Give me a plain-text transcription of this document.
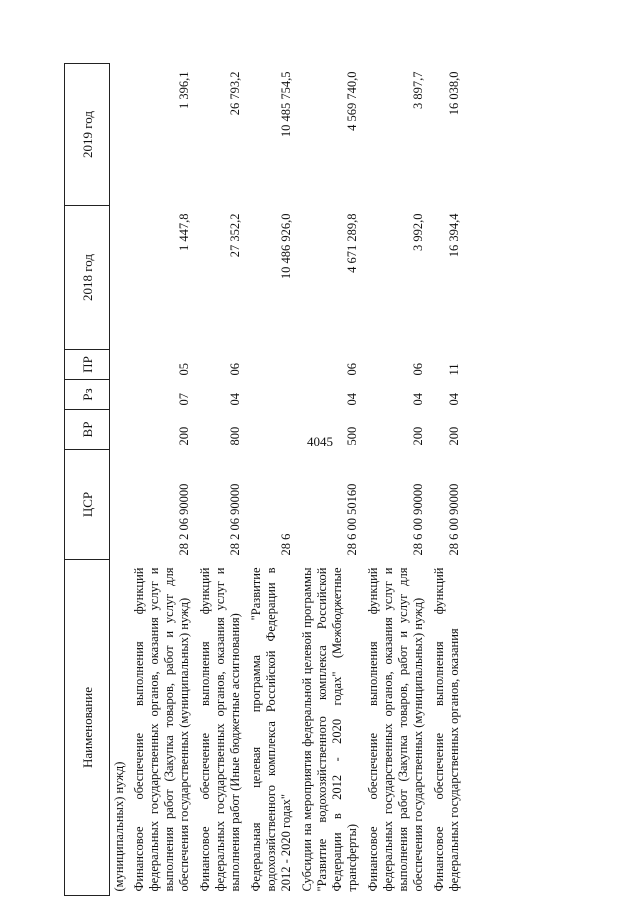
4045
Наименование	ЦСР	ВР	Рз	ПР	2018 год	2019 год
(муниципальных) нужд)						
Финансовое обеспечение выполнения функций федеральных государственных органов, оказания услуг и выполнения работ (Закупка товаров, работ и услуг для обеспечения государственных (муниципальных) нужд)	28 2 06 90000	200	07	05	1 447,8	1 396,1
Финансовое обеспечение выполнения функций федеральных государственных органов, оказания услуг и выполнения работ (Иные бюджетные ассигнования)	28 2 06 90000	800	04	06	27 352,2	26 793,2
Федеральная целевая программа "Развитие водохозяйственного комплекса Российской Федерации в 2012 - 2020 годах"	28 6				10 486 926,0	10 485 754,5
Субсидии на мероприятия федеральной целевой программы "Развитие водохозяйственного комплекса Российской Федерации в 2012 - 2020 годах" (Межбюджетные трансферты)	28 6 00 50160	500	04	06	4 671 289,8	4 569 740,0
Финансовое обеспечение выполнения функций федеральных государственных органов, оказания услуг и выполнения работ (Закупка товаров, работ и услуг для обеспечения государственных (муниципальных) нужд)	28 6 00 90000	200	04	06	3 992,0	3 897,7
Финансовое обеспечение выполнения функций федеральных государственных органов, оказания	28 6 00 90000	200	04	11	16 394,4	16 038,0
